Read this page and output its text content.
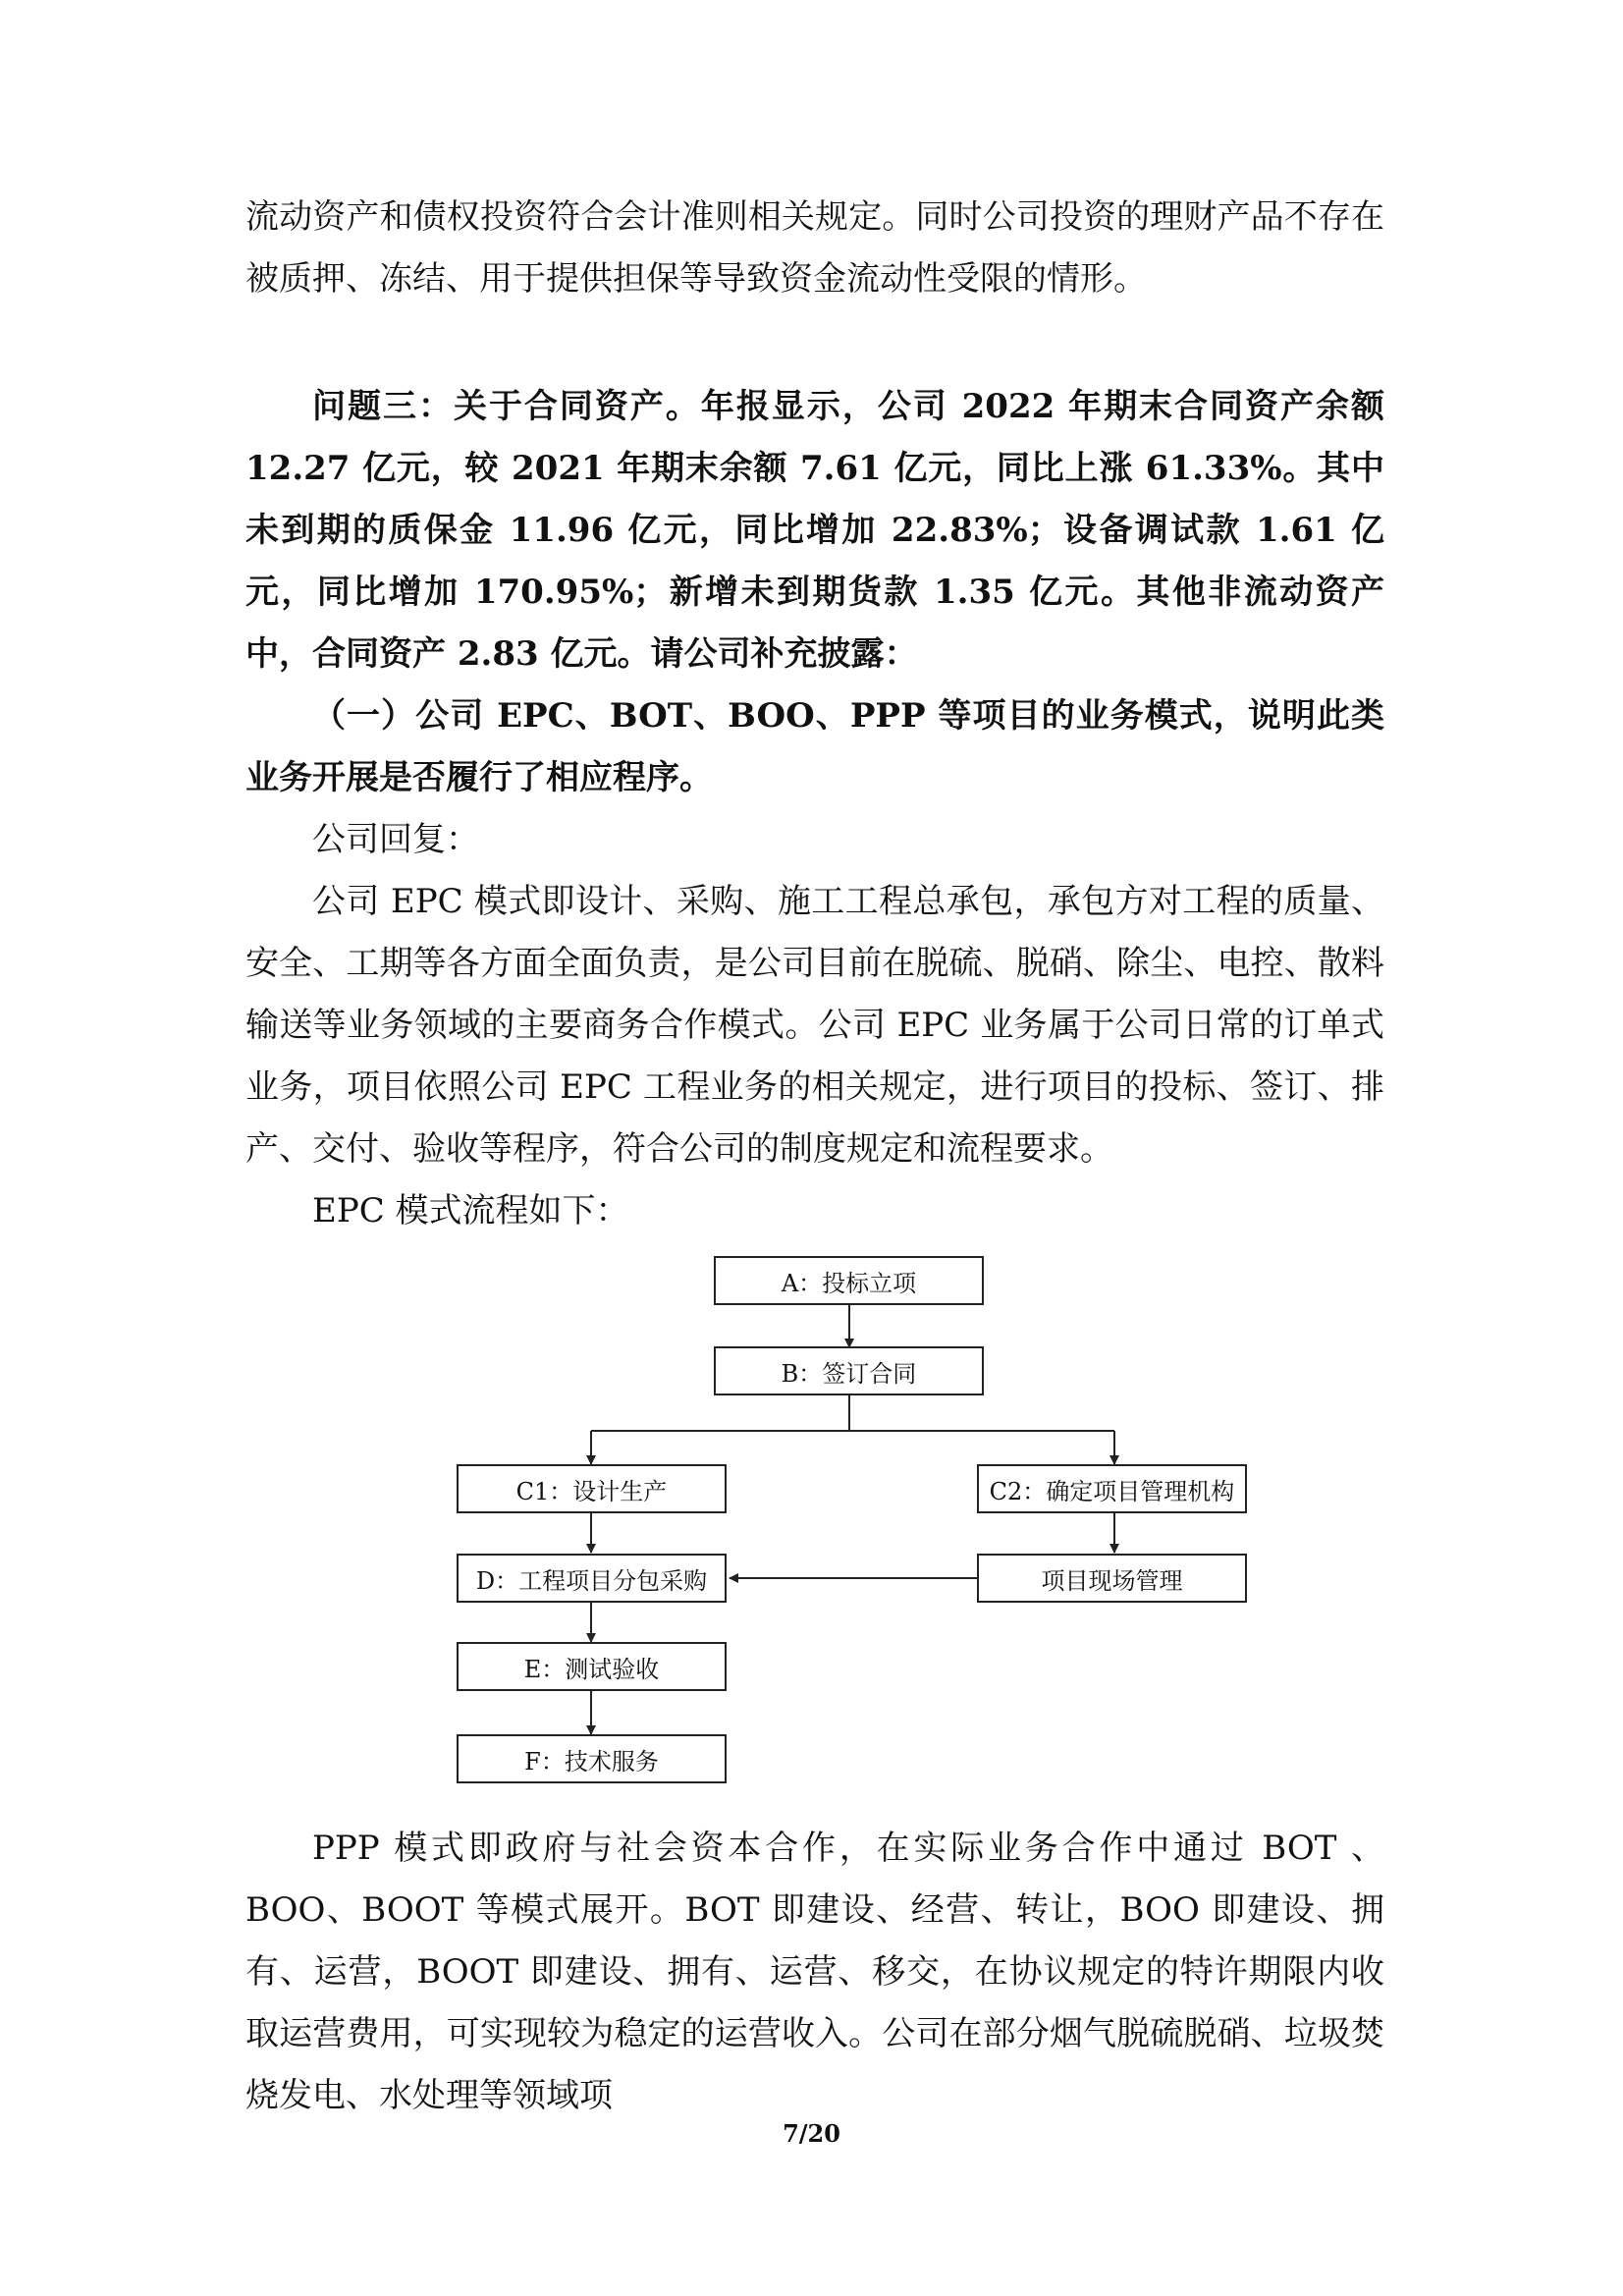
流动资产和债权投资符合会计准则相关规定。同时公司投资的理财产品不存在被质押、冻结、用于提供担保等导致资金流动性受限的情形。

问题三：关于合同资产。年报显示，公司 2022 年期末合同资产余额 12.27 亿元，较 2021 年期末余额 7.61 亿元，同比上涨 61.33%。其中未到期的质保金 11.96 亿元，同比增加 22.83%；设备调试款 1.61 亿元，同比增加 170.95%；新增未到期货款 1.35 亿元。其他非流动资产中，合同资产 2.83 亿元。请公司补充披露：

（一）公司 EPC、BOT、BOO、PPP 等项目的业务模式，说明此类业务开展是否履行了相应程序。

公司回复：

公司 EPC 模式即设计、采购、施工工程总承包，承包方对工程的质量、安全、工期等各方面全面负责，是公司目前在脱硫、脱硝、除尘、电控、散料输送等业务领域的主要商务合作模式。公司 EPC 业务属于公司日常的订单式业务，项目依照公司 EPC 工程业务的相关规定，进行项目的投标、签订、排产、交付、验收等程序，符合公司的制度规定和流程要求。

EPC 模式流程如下：

A：投标立项
B：签订合同
C1：设计生产	C2：确定项目管理机构
D：工程项目分包采购	项目现场管理
E：测试验收
F：技术服务

PPP 模式即政府与社会资本合作，在实际业务合作中通过 BOT 、BOO、BOOT 等模式展开。BOT 即建设、经营、转让，BOO 即建设、拥有、运营，BOOT 即建设、拥有、运营、移交，在协议规定的特许期限内收取运营费用，可实现较为稳定的运营收入。公司在部分烟气脱硫脱硝、垃圾焚烧发电、水处理等领域项

7/20
